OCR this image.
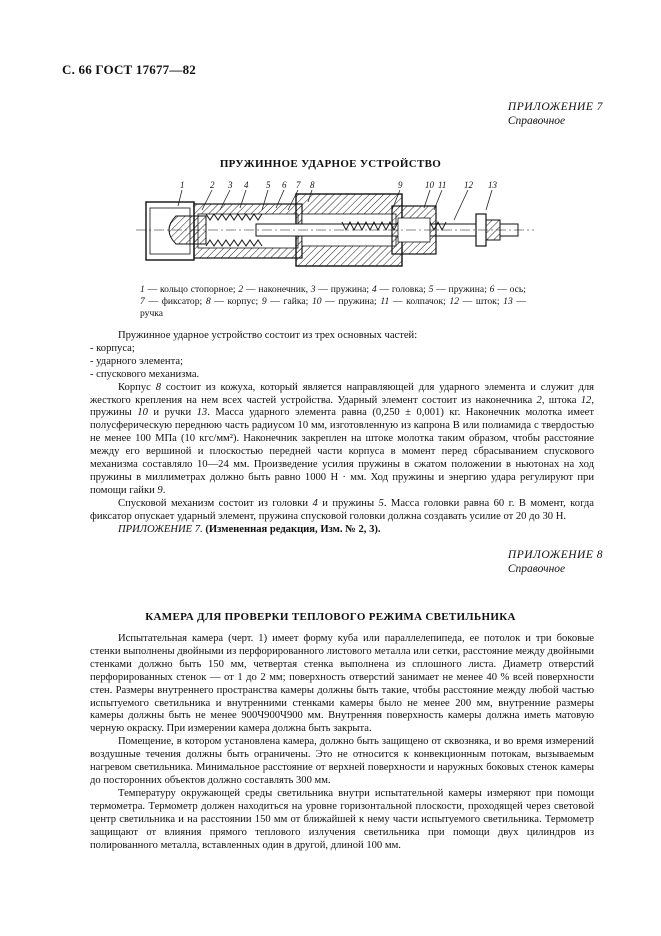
С. 66 ГОСТ 17677—82
ПРИЛОЖЕНИЕ 7
Справочное
ПРУЖИННОЕ УДАРНОЕ УСТРОЙСТВО
1	2 3 4 5 6 7 8	9	10 11 12 13
1 — кольцо стопорное; 2 — наконечник, 3 — пружина; 4 — головка; 5 — пружина; 6 — ось; 7 — фиксатор; 8 — корпус; 9 — гайка; 10 — пружина; 11 — колпачок; 12 — шток; 13 — ручка

Пружинное ударное устройство состоит из трех основных частей:

- корпуса;

- ударного элемента;

- спускового механизма.

Корпус 8 состоит из кожуха, который является направляющей для ударного элемента и служит для жесткого крепления на нем всех частей устройства. Ударный элемент состоит из наконечника 2, штока 12, пружины 10 и ручки 13. Масса ударного элемента равна (0,250 ± 0,001) кг. Наконечник молотка имеет полусферическую переднюю часть радиусом 10 мм, изготовленную из капрона В или полиамида с твердостью не менее 100 МПа (10 кгс/мм²). Наконечник закреплен на штоке молотка таким образом, чтобы расстояние между его вершиной и плоскостью передней части корпуса в момент перед сбрасыванием спускового механизма составляло 10—24 мм. Произведение усилия пружины в сжатом положении в ньютонах на ход пружины в миллиметрах должно быть равно 1000 Н · мм. Ход пружины и энергию удара регулируют при помощи гайки 9.

Спусковой механизм состоит из головки 4 и пружины 5. Масса головки равна 60 г. В момент, когда фиксатор опускает ударный элемент, пружина спусковой головки должна создавать усилие от 20 до 30 Н.

ПРИЛОЖЕНИЕ 7. (Измененная редакция, Изм. № 2, 3).

ПРИЛОЖЕНИЕ 8
Справочное
КАМЕРА ДЛЯ ПРОВЕРКИ ТЕПЛОВОГО РЕЖИМА СВЕТИЛЬНИКА

Испытательная камера (черт. 1) имеет форму куба или параллелепипеда, ее потолок и три боковые стенки выполнены двойными из перфорированного листового металла или сетки, расстояние между двойными стенками должно быть 150 мм, четвертая стенка выполнена из сплошного листа. Диаметр отверстий перфорированных стенок — от 1 до 2 мм; поверхность отверстий занимает не менее 40 % всей поверхности стен. Размеры внутреннего пространства камеры должны быть такие, чтобы расстояние между любой частью испытуемого светильника и внутренними стенками камеры было не менее 200 мм, внутренние размеры камеры должны быть не менее 900Ч900Ч900 мм. Внутренняя поверхность камеры должна иметь матовую черную окраску. При измерении камера должна быть закрыта.

Помещение, в котором установлена камера, должно быть защищено от сквозняка, и во время измерений воздушные течения должны быть ограничены. Это не относится к конвекционным потокам, вызываемым нагревом светильника. Минимальное расстояние от верхней поверхности и наружных боковых стенок камеры до посторонних объектов должно составлять 300 мм.

Температуру окружающей среды светильника внутри испытательной камеры измеряют при помощи термометра. Термометр должен находиться на уровне горизонтальной плоскости, проходящей через световой центр светильника и на расстоянии 150 мм от ближайшей к нему части испытуемого светильника. Термометр защищают от влияния прямого теплового излучения светильника при помощи двух цилиндров из полированного металла, вставленных один в другой, длиной 100 мм.
